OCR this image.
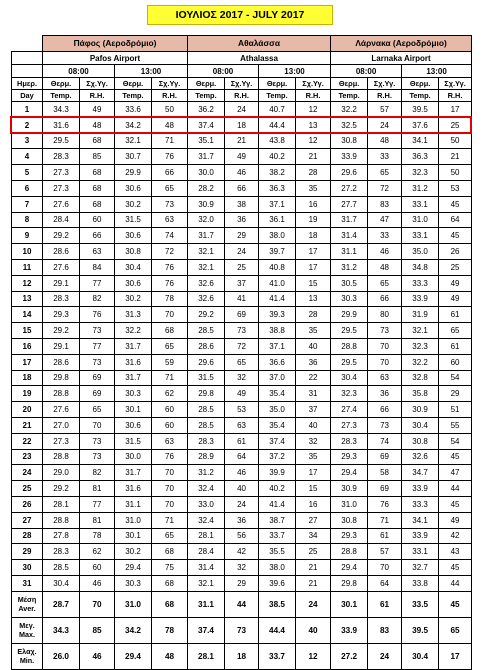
ΙΟΥΛΙΟΣ 2017 - JULY 2017
	Πάφος (Αεροδρόμιο)				Αθαλάσσα				Λάρνακα (Αεροδρόμιο)			
	Pafos Airport				Athalassa				Larnaka Airport			
	08:00		13:00		08:00		13:00		08:00		13:00	
Ημερ.	Θερμ.	Σχ.Υγ.	Θερμ.	Σχ.Υγ.	Θερμ.	Σχ.Υγ.	Θερμ.	Σχ.Υγ.	Θερμ.	Σχ.Υγ.	Θερμ.	Σχ.Υγ.
Day	Temp.	R.H.	Temp.	R.H.	Temp.	R.H.	Temp.	R.H.	Temp.	R.H.	Temp.	R.H.
1	34.3	49	33.6	50	36.2	24	40.7	12	32.2	57	39.5	17
2	31.6	48	34.2	48	37.4	18	44.4	13	32.5	24	37.6	25
3	29.5	68	32.1	71	35.1	21	43.8	12	30.8	48	34.1	50
4	28.3	85	30.7	76	31.7	49	40.2	21	33.9	33	36.3	21
5	27.3	68	29.9	66	30.0	46	38.2	28	29.6	65	32.3	50
6	27.3	68	30.6	65	28.2	66	36.3	35	27.2	72	31.2	53
7	27.6	68	30.2	73	30.9	38	37.1	16	27.7	83	33.1	45
8	28.4	60	31.5	63	32.0	36	36.1	19	31.7	47	31.0	64
9	29.2	66	30.6	74	31.7	29	38.0	18	31.4	33	33.1	45
10	28.6	63	30.8	72	32.1	24	39.7	17	31.1	46	35.0	26
11	27.6	84	30.4	76	32.1	25	40.8	17	31.2	48	34.8	25
12	29.1	77	30.6	76	32.6	37	41.0	15	30.5	65	33.3	49
13	28.3	82	30.2	78	32.6	41	41.4	13	30.3	66	33.9	49
14	29.3	76	31.3	70	29.2	69	39.3	28	29.9	80	31.9	61
15	29.2	73	32.2	68	28.5	73	38.8	35	29.5	73	32.1	65
16	29.1	77	31.7	65	28.6	72	37.1	40	28.8	70	32.3	61
17	28.6	73	31.6	59	29.6	65	36.6	36	29.5	70	32.2	60
18	29.8	69	31.7	71	31.5	32	37.0	22	30.4	63	32.8	54
19	28.8	69	30.3	62	29.8	49	35.4	31	32.3	36	35.8	29
20	27.6	65	30.1	60	28.5	53	35.0	37	27.4	66	30.9	51
21	27.0	70	30.6	60	28.5	63	35.4	40	27.3	73	30.4	55
22	27.3	73	31.5	63	28.3	61	37.4	32	28.3	74	30.8	54
23	28.8	73	30.0	76	28.9	64	37.2	35	29.3	69	32.6	45
24	29.0	82	31.7	70	31.2	46	39.9	17	29.4	58	34.7	47
25	29.2	81	31.6	70	32.4	40	40.2	15	30.9	69	33.9	44
26	28.1	77	31.1	70	33.0	24	41.4	16	31.0	76	33.3	45
27	28.8	81	31.0	71	32.4	36	38.7	27	30.8	71	34.1	49
28	27.8	78	30.1	65	28.1	56	33.7	34	29.3	61	33.9	42
29	28.3	62	30.2	68	28.4	42	35.5	25	28.8	57	33.1	43
30	28.5	60	29.4	75	31.4	32	38.0	21	29.4	70	32.7	45
31	30.4	46	30.3	68	32.1	29	39.6	21	29.8	64	33.8	44

Μέση
Aver.	28.7	70	31.0	68	31.1	44	38.5	24	30.1	61	33.5	45

Μεγ.
Max.	34.3	85	34.2	78	37.4	73	44.4	40	33.9	83	39.5	65

Ελαχ.
Min.	26.0	46	29.4	48	28.1	18	33.7	12	27.2	24	30.4	17
